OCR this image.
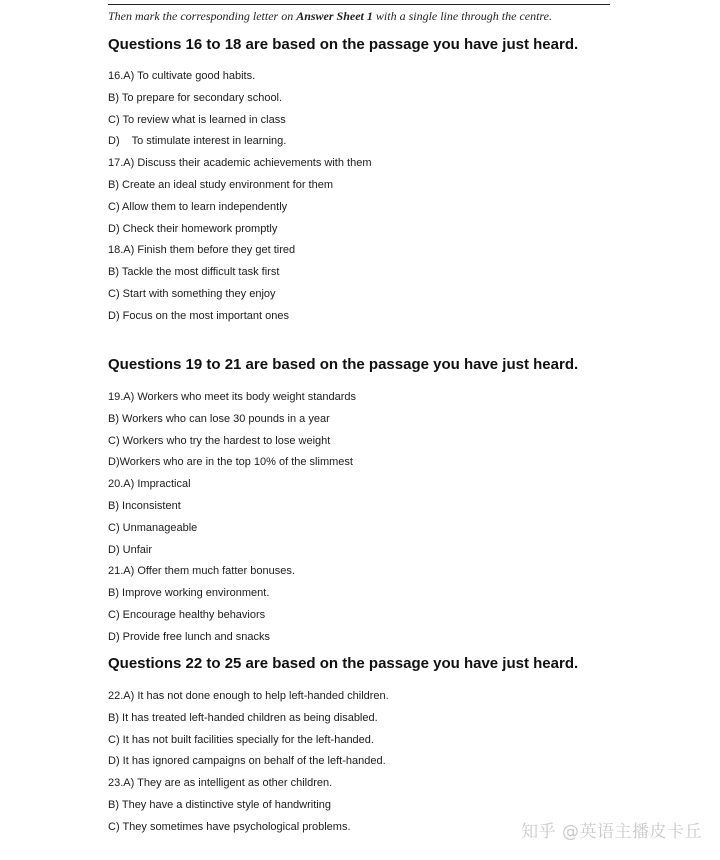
Then mark the corresponding letter on Answer Sheet 1 with a single line through the centre.
Questions 16 to 18 are based on the passage you have just heard.
16.A) To cultivate good habits.
B) To prepare for secondary school.
C) To review what is learned in class
D)    To stimulate interest in learning.
17.A) Discuss their academic achievements with them
B) Create an ideal study environment for them
C) Allow them to learn independently
D) Check their homework promptly
18.A) Finish them before they get tired
B) Tackle the most difficult task first
C) Start with something they enjoy
D) Focus on the most important ones
Questions 19 to 21 are based on the passage you have just heard.
19.A) Workers who meet its body weight standards
B) Workers who can lose 30 pounds in a year
C) Workers who try the hardest to lose weight
D)Workers who are in the top 10% of the slimmest
20.A) Impractical
B) Inconsistent
C) Unmanageable
D) Unfair
21.A) Offer them much fatter bonuses.
B) Improve working environment.
C) Encourage healthy behaviors
D) Provide free lunch and snacks
Questions 22 to 25 are based on the passage you have just heard.
22.A) It has not done enough to help left-handed children.
B) It has treated left-handed children as being disabled.
C) It has not built facilities specially for the left-handed.
D) It has ignored campaigns on behalf of the left-handed.
23.A) They are as intelligent as other children.
B) They have a distinctive style of handwriting
C) They sometimes have psychological problems.	知乎 @英语主播皮卡丘
